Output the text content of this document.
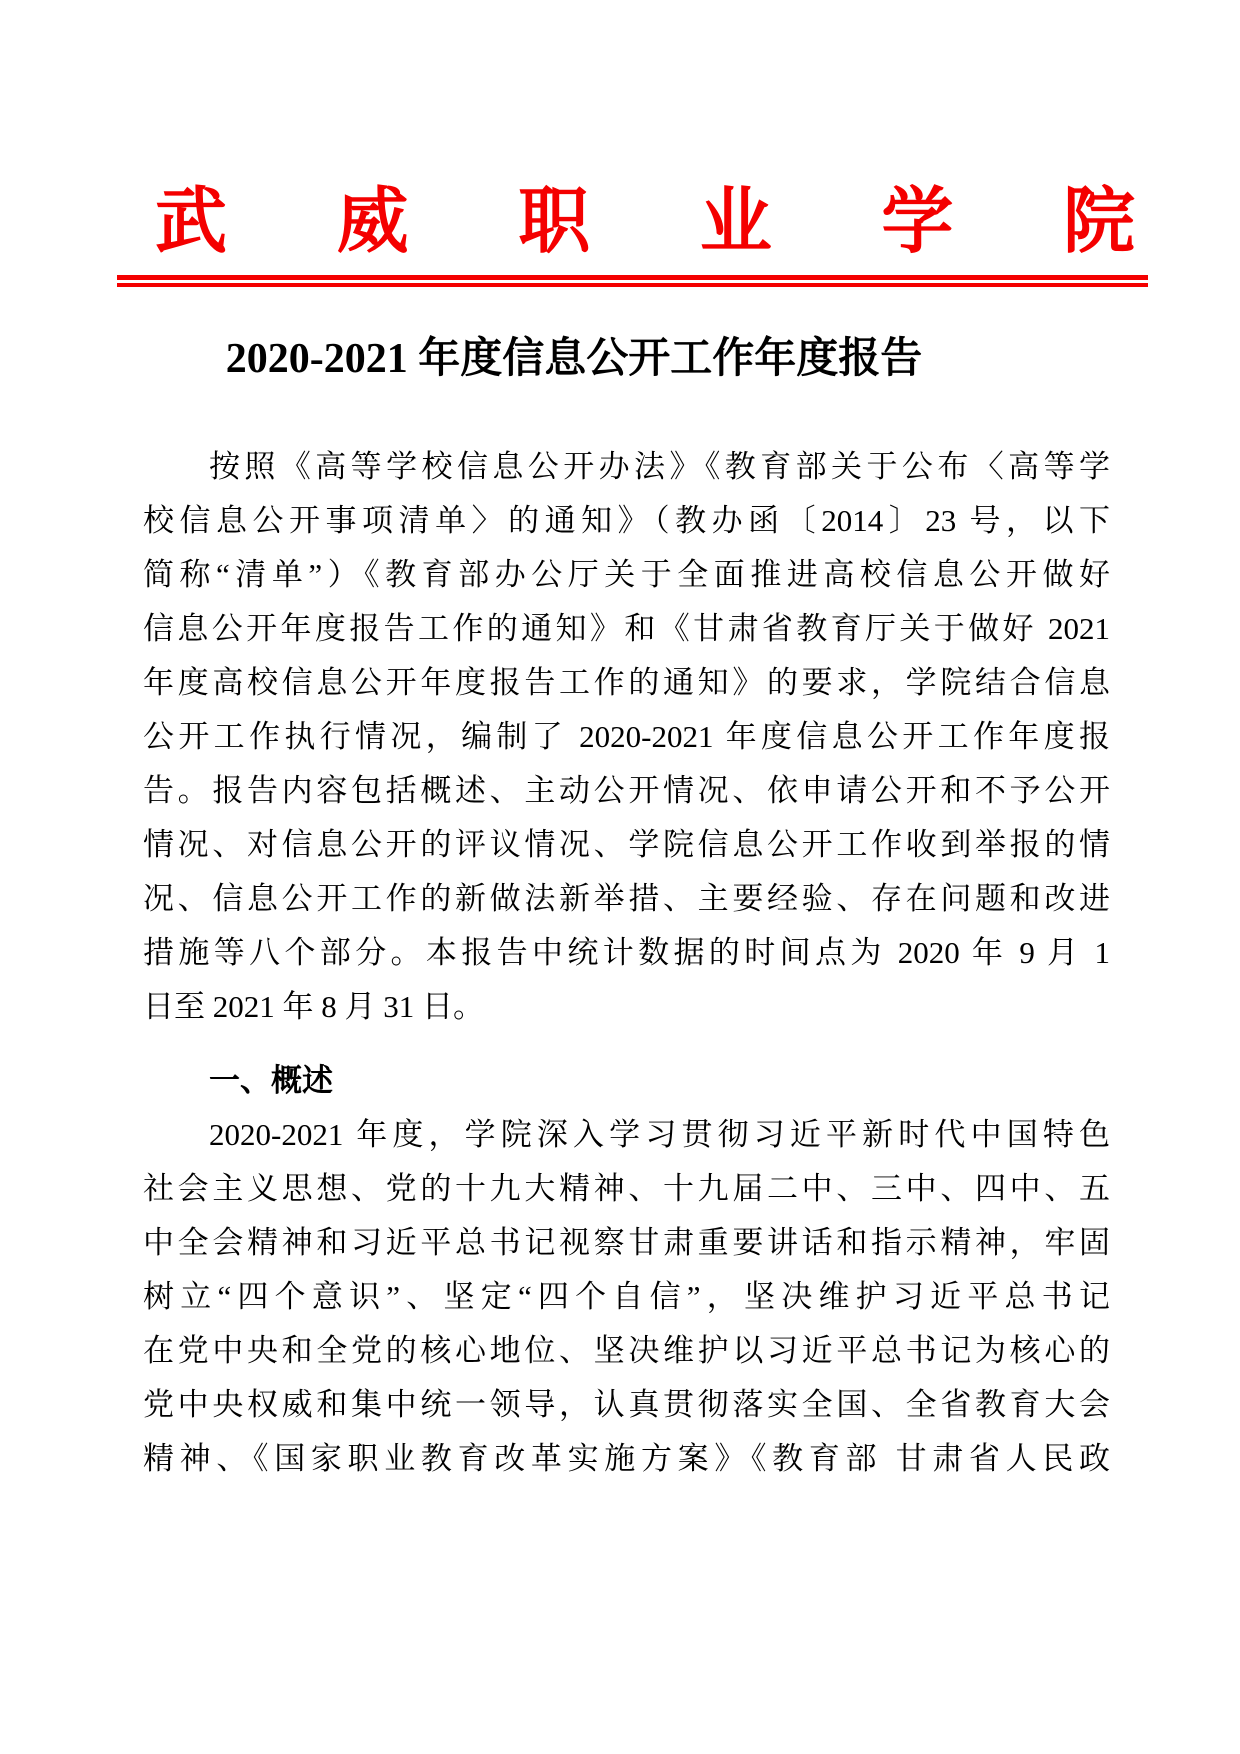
武 威 职 业 学 院
2020-2021 年度信息公开工作年度报告
按照《高等学校信息公开办法》《教育部关于公布〈高等学
校信息公开事项清单〉的通知》（教办函〔2014〕23 号，以下
简称“清单”）《教育部办公厅关于全面推进高校信息公开做好
信息公开年度报告工作的通知》和《甘肃省教育厅关于做好 2021
年度高校信息公开年度报告工作的通知》的要求，学院结合信息
公开工作执行情况，编制了 2020-2021 年度信息公开工作年度报
告。报告内容包括概述、主动公开情况、依申请公开和不予公开
情况、对信息公开的评议情况、学院信息公开工作收到举报的情
况、信息公开工作的新做法新举措、主要经验、存在问题和改进
措施等八个部分。本报告中统计数据的时间点为 2020 年 9 月 1
日至 2021 年 8 月 31 日。
一、概述
2020-2021 年度，学院深入学习贯彻习近平新时代中国特色
社会主义思想、党的十九大精神、十九届二中、三中、四中、五
中全会精神和习近平总书记视察甘肃重要讲话和指示精神，牢固
树立“四个意识”、坚定“四个自信”，坚决维护习近平总书记
在党中央和全党的核心地位、坚决维护以习近平总书记为核心的
党中央权威和集中统一领导，认真贯彻落实全国、全省教育大会
精神、《国家职业教育改革实施方案》《教育部 甘肃省人民政
